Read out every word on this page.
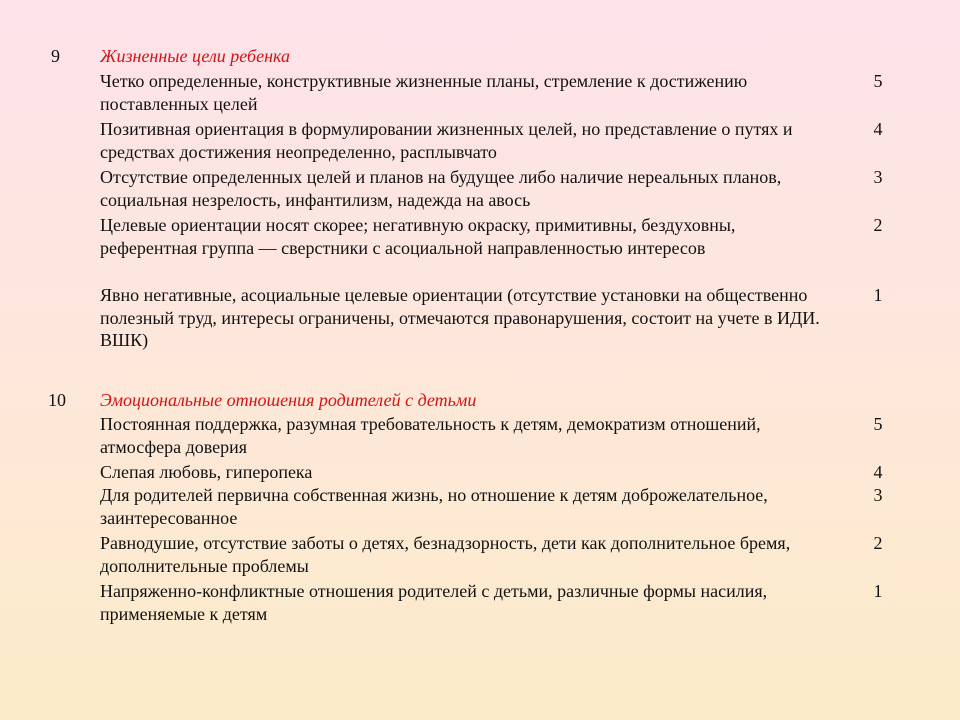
9 Жизненные цели ребенка
Четко определенные, конструктивные жизненные планы, стремление к достижению поставленных целей
5
Позитивная ориентация в формулировании жизненных целей, но представление о путях и средствах достижения неопределенно, расплывчато
4
Отсутствие определенных целей и планов на будущее либо наличие нереальных планов, социальная незрелость, инфантилизм, надежда на авось
3
Целевые ориентации носят скорее; негативную окраску, примитивны, бездуховны, референтная группа — сверстники с асоциальной направленностью интересов
2
Явно негативные, асоциальные целевые ориентации (отсутствие установки на общественно полезный труд, интересы ограничены, отмечаются правонарушения, состоит на учете в ИДИ. ВШК)
1
10 Эмоциональные отношения родителей с детьми
Постоянная поддержка, разумная требовательность к детям, демократизм отношений, атмосфера доверия
5
Слепая любовь, гиперопека	4
Для родителей первична собственная жизнь, но отношение к детям доброжелательное, заинтересованное
3
Равнодушие, отсутствие заботы о детях, безнадзорность, дети как дополнительное бремя, дополнительные проблемы
2
Напряженно-конфликтные отношения родителей с детьми, различные формы насилия, применяемые к детям
1
